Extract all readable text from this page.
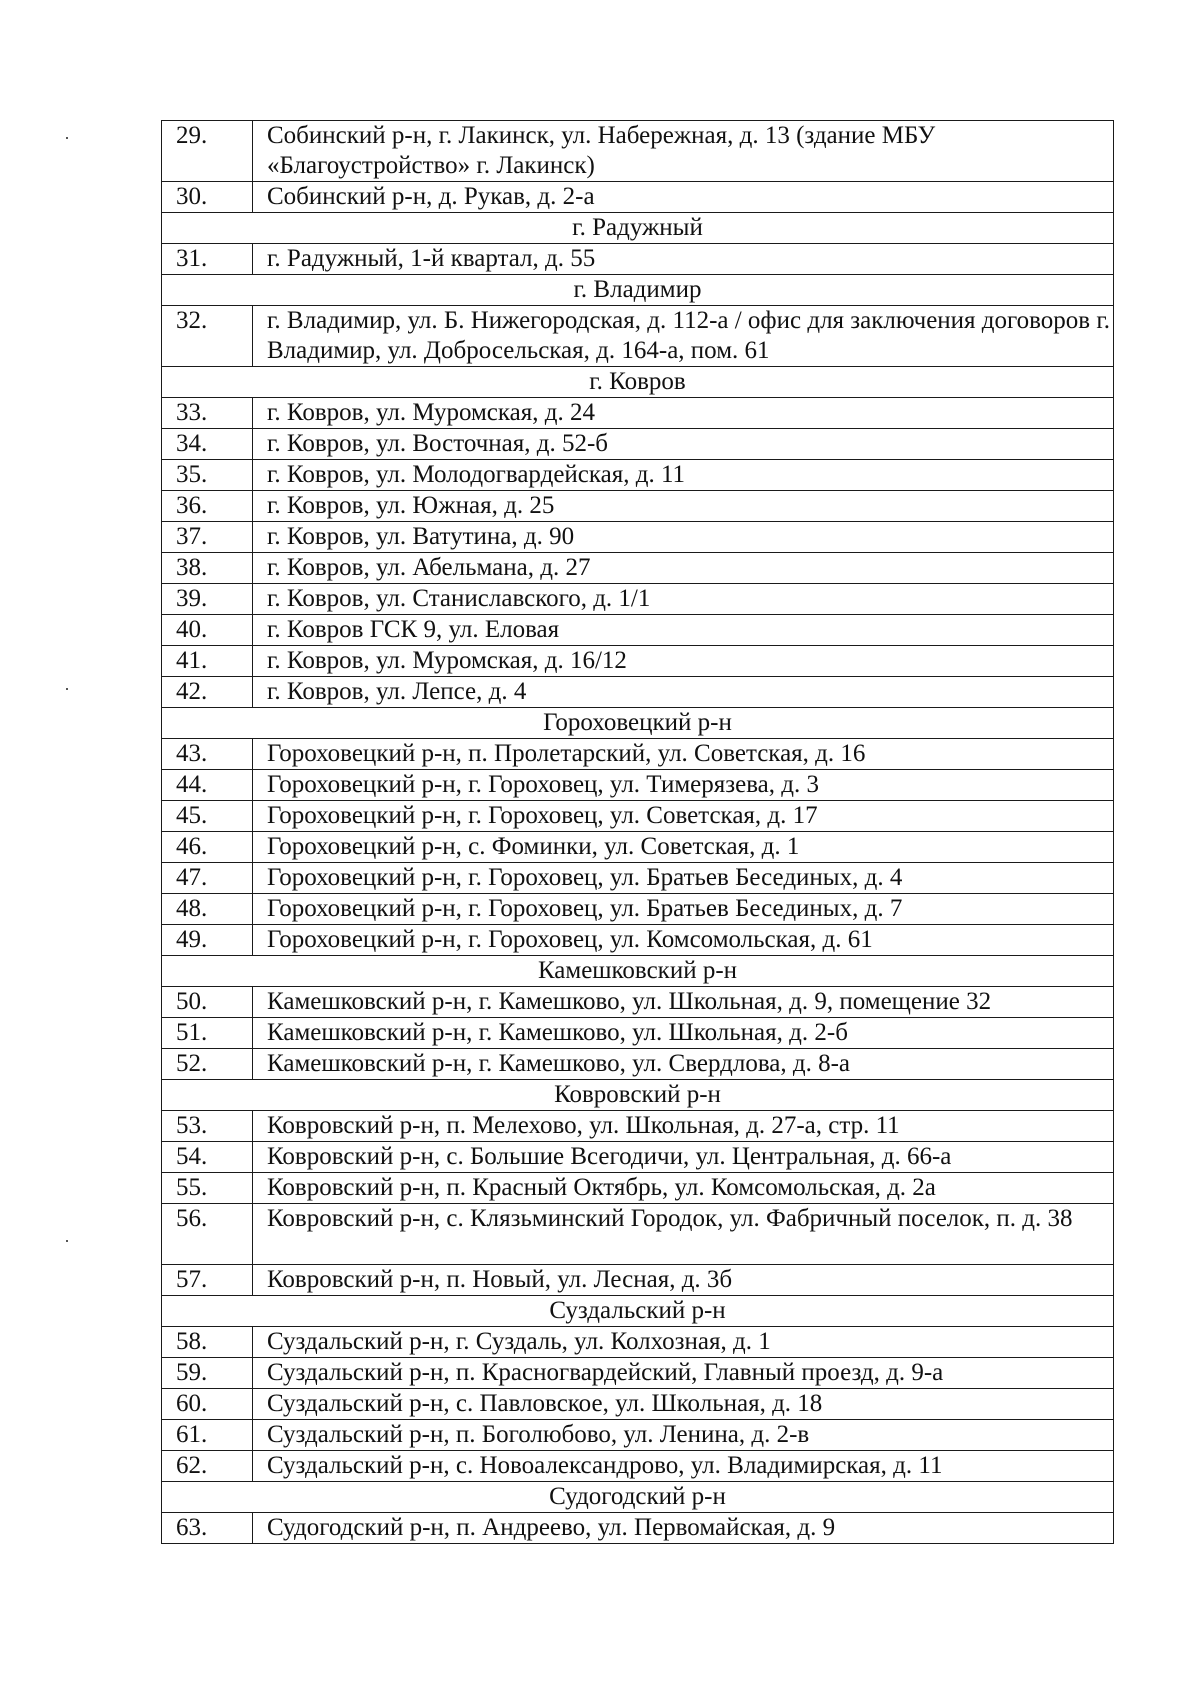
29.	Собинский р-н, г. Лакинск, ул. Набережная, д. 13 (здание МБУ «Благоустройство» г. Лакинск)
30.	Собинский р-н, д. Рукав, д. 2-а
г. Радужный	
31.	г. Радужный, 1-й квартал, д. 55
г. Владимир	
32.	г. Владимир, ул. Б. Нижегородская, д. 112-а / офис для заключения договоров г. Владимир, ул. Добросельская, д. 164-а, пом. 61
г. Ковров	
33.	г. Ковров, ул. Муромская, д. 24
34.	г. Ковров, ул. Восточная, д. 52-б
35.	г. Ковров, ул. Молодогвардейская, д. 11
36.	г. Ковров, ул. Южная, д. 25
37.	г. Ковров, ул. Ватутина, д. 90
38.	г. Ковров, ул. Абельмана, д. 27
39.	г. Ковров, ул. Станиславского, д. 1/1
40.	г. Ковров ГСК 9, ул. Еловая
41.	г. Ковров, ул. Муромская, д. 16/12
42.	г. Ковров, ул. Лепсе, д. 4
Гороховецкий р-н	
43.	Гороховецкий р-н, п. Пролетарский, ул. Советская, д. 16
44.	Гороховецкий р-н, г. Гороховец, ул. Тимерязева, д. 3
45.	Гороховецкий р-н, г. Гороховец, ул. Советская, д. 17
46.	Гороховецкий р-н, с. Фоминки, ул. Советская, д. 1
47.	Гороховецкий р-н, г. Гороховец, ул. Братьев Бесединых, д. 4
48.	Гороховецкий р-н, г. Гороховец, ул. Братьев Бесединых, д. 7
49.	Гороховецкий р-н, г. Гороховец, ул. Комсомольская, д. 61
Камешковский р-н	
50.	Камешковский р-н, г. Камешково, ул. Школьная, д. 9, помещение 32
51.	Камешковский р-н, г. Камешково, ул. Школьная, д. 2-б
52.	Камешковский р-н, г. Камешково, ул. Свердлова, д. 8-а
Ковровский р-н	
53.	Ковровский р-н, п. Мелехово, ул. Школьная, д. 27-а, стр. 11
54.	Ковровский р-н, с. Большие Всегодичи, ул. Центральная, д. 66-а
55.	Ковровский р-н, п. Красный Октябрь, ул. Комсомольская, д. 2а
56.	Ковровский р-н, с. Клязьминский Городок, ул. Фабричный поселок, п. д. 38
57.	Ковровский р-н, п. Новый, ул. Лесная, д. 3б
Суздальский р-н	
58.	Суздальский р-н, г. Суздаль, ул. Колхозная, д. 1
59.	Суздальский р-н, п. Красногвардейский, Главный проезд, д. 9-а
60.	Суздальский р-н, с. Павловское, ул. Школьная, д. 18
61.	Суздальский р-н, п. Боголюбово, ул. Ленина, д. 2-в
62.	Суздальский р-н, с. Новоалександрово, ул. Владимирская, д. 11
Судогодский р-н	
63.	Судогодский р-н, п. Андреево, ул. Первомайская, д. 9
